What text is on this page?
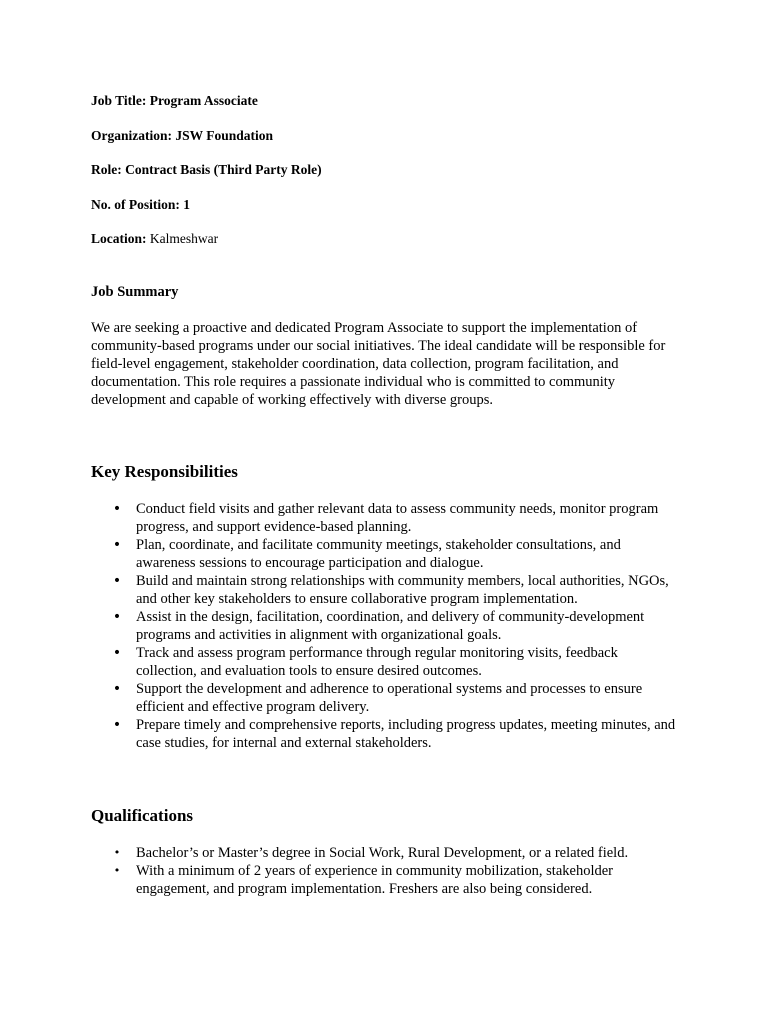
Job Title: Program Associate
Organization: JSW Foundation
Role: Contract Basis (Third Party Role)
No. of Position: 1
Location: Kalmeshwar
Job Summary

We are seeking a proactive and dedicated Program Associate to support the implementation of community-based programs under our social initiatives. The ideal candidate will be responsible for field-level engagement, stakeholder coordination, data collection, program facilitation, and documentation. This role requires a passionate individual who is committed to community development and capable of working effectively with diverse groups.

Key Responsibilities
• Conduct field visits and gather relevant data to assess community needs, monitor program progress, and support evidence-based planning.
• Plan, coordinate, and facilitate community meetings, stakeholder consultations, and awareness sessions to encourage participation and dialogue.
• Build and maintain strong relationships with community members, local authorities, NGOs, and other key stakeholders to ensure collaborative program implementation.
• Assist in the design, facilitation, coordination, and delivery of community-development programs and activities in alignment with organizational goals.
• Track and assess program performance through regular monitoring visits, feedback collection, and evaluation tools to ensure desired outcomes.
• Support the development and adherence to operational systems and processes to ensure efficient and effective program delivery.
• Prepare timely and comprehensive reports, including progress updates, meeting minutes, and case studies, for internal and external stakeholders.
Qualifications
• Bachelor’s or Master’s degree in Social Work, Rural Development, or a related field.
• With a minimum of 2 years of experience in community mobilization, stakeholder engagement, and program implementation. Freshers are also being considered.
